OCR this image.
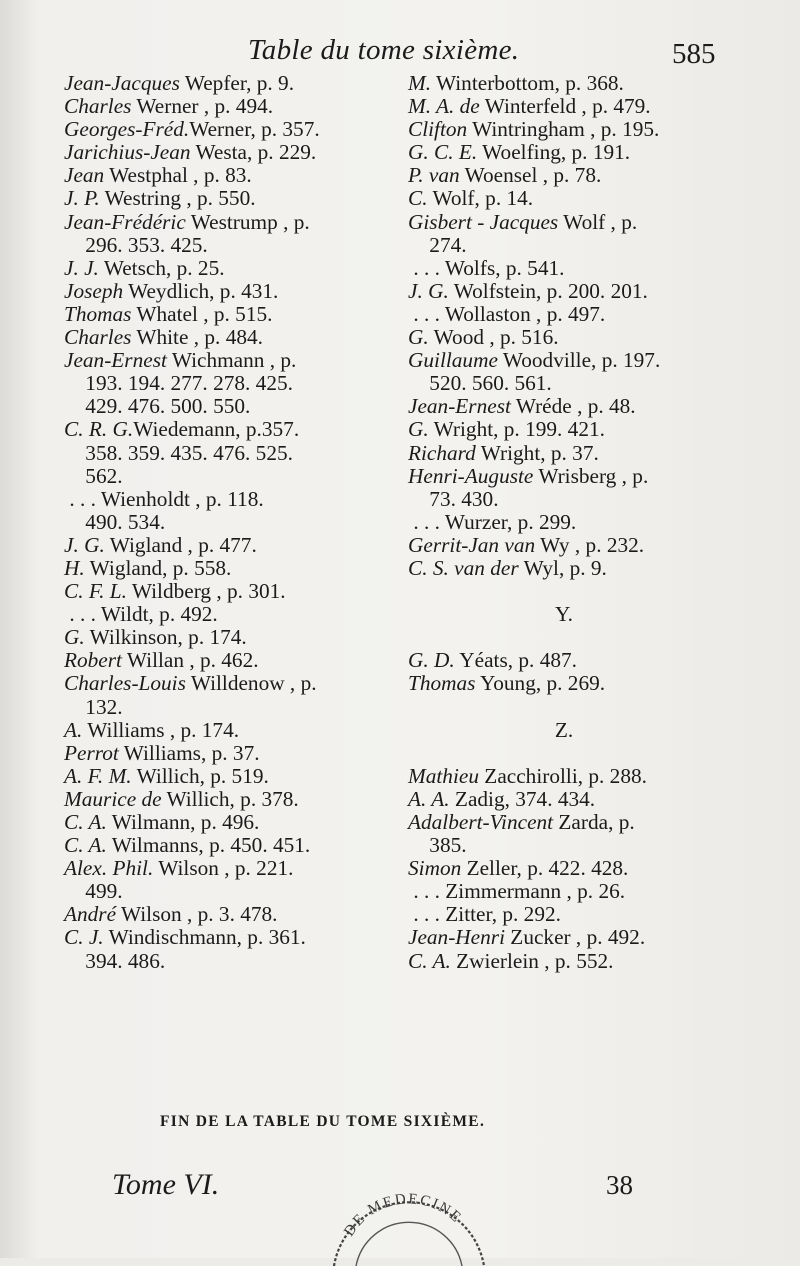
Table du tome sixième.	585
Jean-Jacques Wepfer, p. 9.
Charles Werner , p. 494.
Georges-Fréd.Werner, p. 357.
Jarichius-Jean Westa, p. 229.
Jean Westphal , p. 83.
J. P. Westring , p. 550.
Jean-Frédéric Westrump , p.
296. 353. 425.
J. J. Wetsch, p. 25.
Joseph Weydlich, p. 431.
Thomas Whatel , p. 515.
Charles White , p. 484.
Jean-Ernest Wichmann , p.
193. 194. 277. 278. 425.
429. 476. 500. 550.
C. R. G.Wiedemann, p.357.
358. 359. 435. 476. 525.
562.
. . . Wienholdt , p. 118.
490. 534.
J. G. Wigland , p. 477.
H. Wigland, p. 558.
C. F. L. Wildberg , p. 301.
. . . Wildt, p. 492.
G. Wilkinson, p. 174.
Robert Willan , p. 462.
Charles-Louis Willdenow , p.
132.
A. Williams , p. 174.
Perrot Williams, p. 37.
A. F. M. Willich, p. 519.
Maurice de Willich, p. 378.
C. A. Wilmann, p. 496.
C. A. Wilmanns, p. 450. 451.
Alex. Phil. Wilson , p. 221.
499.
André Wilson , p. 3. 478.
C. J. Windischmann, p. 361.
394. 486.
M. Winterbottom, p. 368.
M. A. de Winterfeld , p. 479.
Clifton Wintringham , p. 195.
G. C. E. Woelfing, p. 191.
P. van Woensel , p. 78.
C. Wolf, p. 14.
Gisbert - Jacques Wolf , p.
274.
. . . Wolfs, p. 541.
J. G. Wolfstein, p. 200. 201.
. . . Wollaston , p. 497.
G. Wood , p. 516.
Guillaume Woodville, p. 197.
520. 560. 561.
Jean-Ernest Wréde , p. 48.
G. Wright, p. 199. 421.
Richard Wright, p. 37.
Henri-Auguste Wrisberg , p.
73. 430.
. . . Wurzer, p. 299.
Gerrit-Jan van Wy , p. 232.
C. S. van der Wyl, p. 9.
Y.
G. D. Yéats, p. 487.
Thomas Young, p. 269.
Z.
Mathieu Zacchirolli, p. 288.
A. A. Zadig, 374. 434.
Adalbert-Vincent Zarda, p.
385.
Simon Zeller, p. 422. 428.
. . . Zimmermann , p. 26.
. . . Zitter, p. 292.
Jean-Henri Zucker , p. 492.
C. A. Zwierlein , p. 552.
FIN DE LA TABLE DU TOME SIXIÈME.
Tome VI.
DE MEDECINE
38
